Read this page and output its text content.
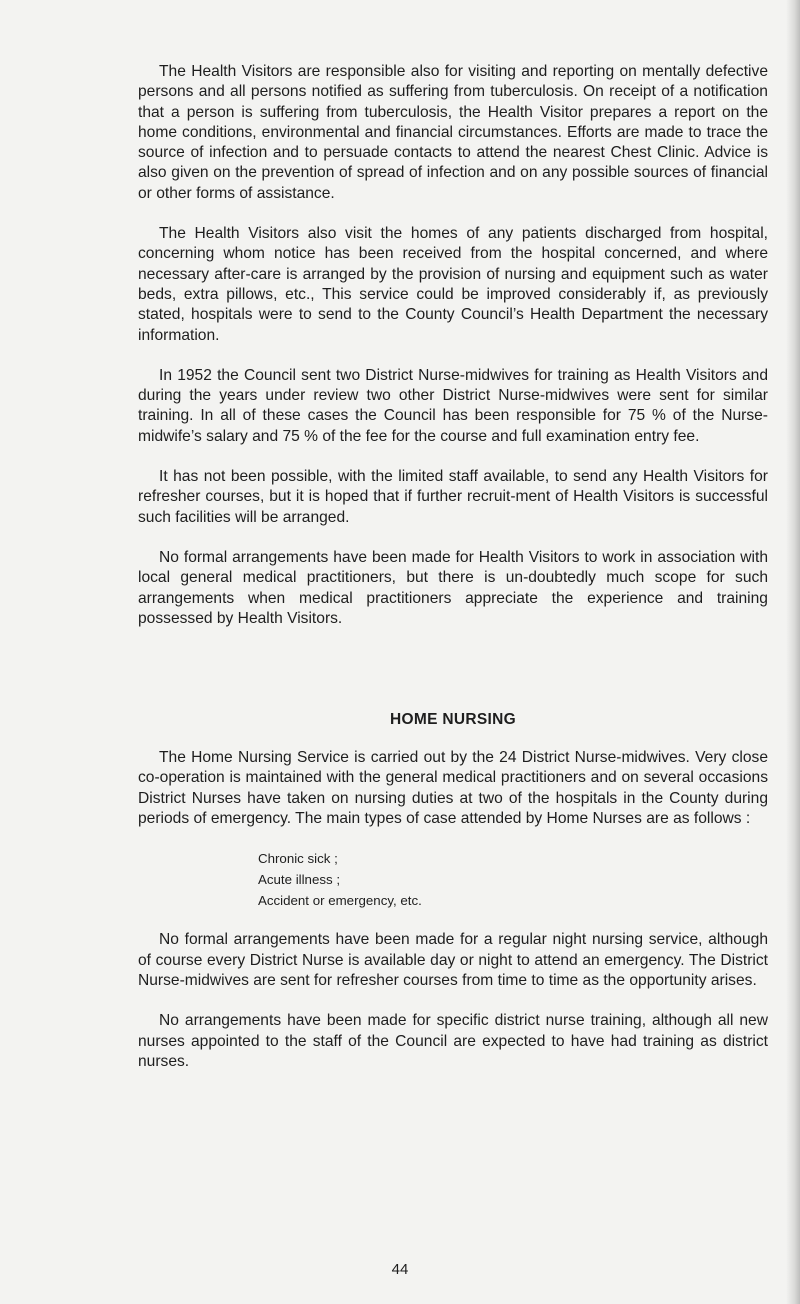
The Health Visitors are responsible also for visiting and reporting on mentally defective persons and all persons notified as suffering from tuberculosis. On receipt of a notification that a person is suffering from tuberculosis, the Health Visitor prepares a report on the home conditions, environmental and financial circumstances. Efforts are made to trace the source of infection and to persuade contacts to attend the nearest Chest Clinic. Advice is also given on the prevention of spread of infection and on any possible sources of financial or other forms of assistance.

The Health Visitors also visit the homes of any patients discharged from hospital, concerning whom notice has been received from the hospital concerned, and where necessary after-care is arranged by the provision of nursing and equipment such as water beds, extra pillows, etc., This service could be improved considerably if, as previously stated, hospitals were to send to the County Council’s Health Department the necessary information.

In 1952 the Council sent two District Nurse-midwives for training as Health Visitors and during the years under review two other District Nurse-midwives were sent for similar training. In all of these cases the Council has been responsible for 75 % of the Nurse-midwife’s salary and 75 % of the fee for the course and full examination entry fee.

It has not been possible, with the limited staff available, to send any Health Visitors for refresher courses, but it is hoped that if further recruit-ment of Health Visitors is successful such facilities will be arranged.

No formal arrangements have been made for Health Visitors to work in association with local general medical practitioners, but there is un-doubtedly much scope for such arrangements when medical practitioners appreciate the experience and training possessed by Health Visitors.

HOME NURSING

The Home Nursing Service is carried out by the 24 District Nurse-midwives. Very close co-operation is maintained with the general medical practitioners and on several occasions District Nurses have taken on nursing duties at two of the hospitals in the County during periods of emergency. The main types of case attended by Home Nurses are as follows :

Chronic sick ;
Acute illness ;
Accident or emergency, etc.

No formal arrangements have been made for a regular night nursing service, although of course every District Nurse is available day or night to attend an emergency. The District Nurse-midwives are sent for refresher courses from time to time as the opportunity arises.

No arrangements have been made for specific district nurse training, although all new nurses appointed to the staff of the Council are expected to have had training as district nurses.

44
